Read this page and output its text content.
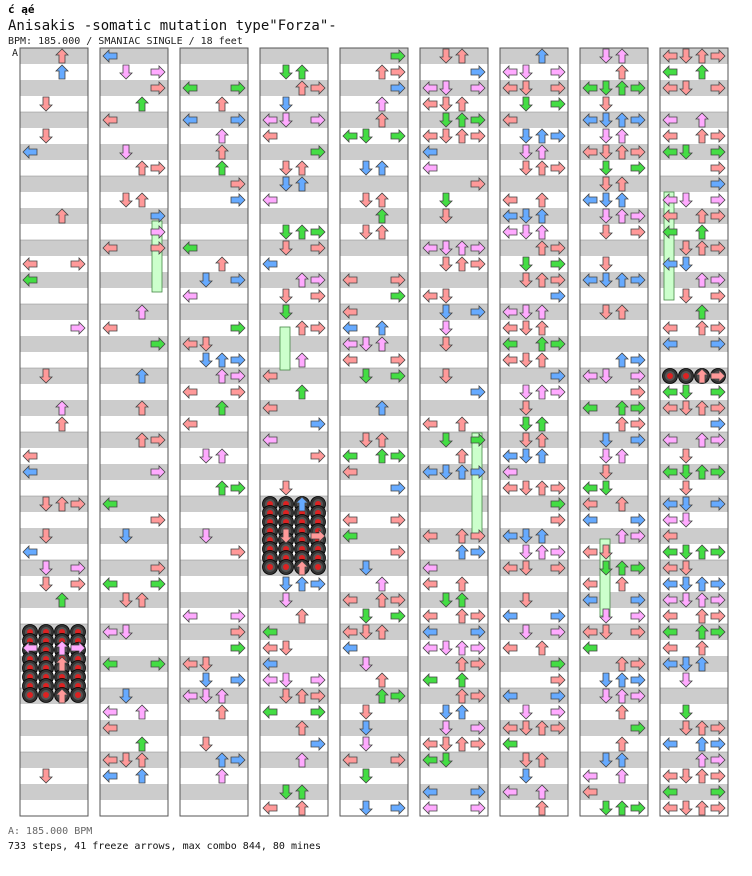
ć ąé
Anisakis -somatic mutation type"Forza"-
BPM: 185.000 / SMANIAC SINGLE / 18 feet
A
A: 185.000 BPM
733 steps, 41 freeze arrows, max combo 844, 80 mines
